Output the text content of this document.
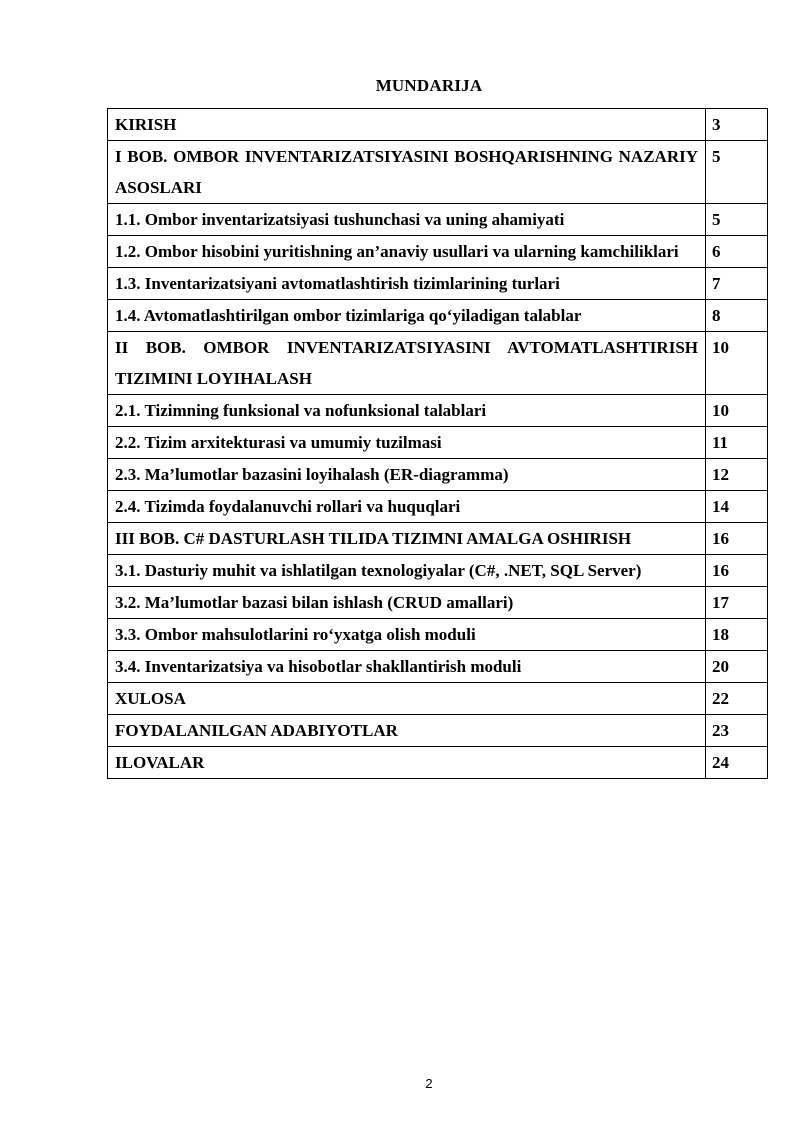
MUNDARIJA
KIRISH	3
I BOB. OMBOR INVENTARIZATSIYASINI BOSHQARISHNING NAZARIY ASOSLARI	5
1.1. Ombor inventarizatsiyasi tushunchasi va uning ahamiyati	5
1.2. Ombor hisobini yuritishning an’anaviy usullari va ularning kamchiliklari	6
1.3. Inventarizatsiyani avtomatlashtirish tizimlarining turlari	7
1.4. Avtomatlashtirilgan ombor tizimlariga qo‘yiladigan talablar	8
II BOB. OMBOR INVENTARIZATSIYASINI AVTOMATLASHTIRISH TIZIMINI LOYIHALASH	10
2.1. Tizimning funksional va nofunksional talablari	10
2.2. Tizim arxitekturasi va umumiy tuzilmasi	11
2.3. Ma’lumotlar bazasini loyihalash (ER-diagramma)	12
2.4. Tizimda foydalanuvchi rollari va huquqlari	14
III BOB. C# DASTURLASH TILIDA TIZIMNI AMALGA OSHIRISH	16
3.1. Dasturiy muhit va ishlatilgan texnologiyalar (C#, .NET, SQL Server)	16
3.2. Ma’lumotlar bazasi bilan ishlash (CRUD amallari)	17
3.3. Ombor mahsulotlarini ro‘yxatga olish moduli	18
3.4. Inventarizatsiya va hisobotlar shakllantirish moduli	20
XULOSA	22
FOYDALANILGAN ADABIYOTLAR	23
ILOVALAR	24
2
